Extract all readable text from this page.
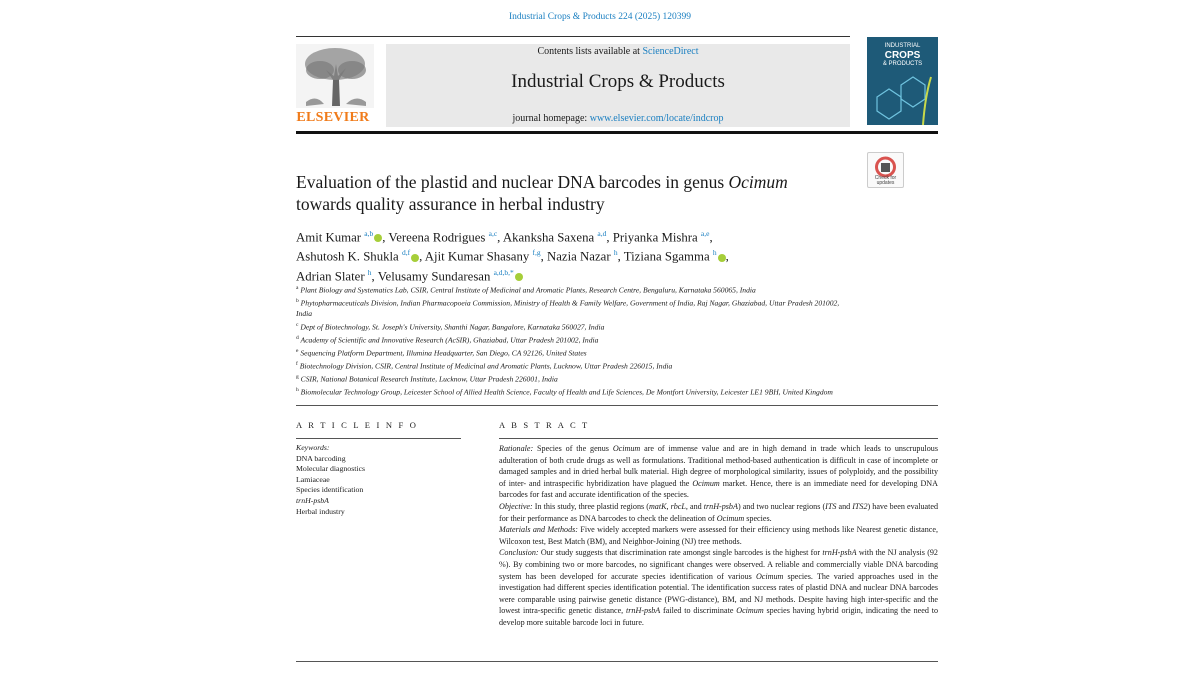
Industrial Crops & Products 224 (2025) 120399
ELSEVIER
Contents lists available at ScienceDirect
Industrial Crops & Products
journal homepage: www.elsevier.com/locate/indcrop
INDUSTRIAL
CROPS
& PRODUCTS
Check for updates
Evaluation of the plastid and nuclear DNA barcodes in genus Ocimum
towards quality assurance in herbal industry
Amit Kumar $^{a,b}$ , Vereena Rodrigues $^{a,c}$, Akanksha Saxena $^{a,d}$, Priyanka Mishra $^{a,e}$,
Ashutosh K. Shukla $^{d,f}$ , Ajit Kumar Shasany $^{f,g}$, Nazia Nazar $^h$, Tiziana Sgamma $^h$ ,
Adrian Slater $^h$, Velusamy Sundaresan $^{a,d,b,*}$
$^a$ Plant Biology and Systematics Lab, CSIR, Central Institute of Medicinal and Aromatic Plants, Research Centre, Bengaluru, Karnataka 560065, India
$^b$ Phytopharmaceuticals Division, Indian Pharmacopoeia Commission, Ministry of Health & Family Welfare, Government of India, Raj Nagar, Ghaziabad, Uttar Pradesh 201002, India
$^c$ Dept of Biotechnology, St. Joseph's University, Shanthi Nagar, Bangalore, Karnataka 560027, India
$^d$ Academy of Scientific and Innovative Research (AcSIR), Ghaziabad, Uttar Pradesh 201002, India
$^e$ Sequencing Platform Department, Illumina Headquarter, San Diego, CA 92126, United States
$^f$ Biotechnology Division, CSIR, Central Institute of Medicinal and Aromatic Plants, Lucknow, Uttar Pradesh 226015, India
$^g$ CSIR, National Botanical Research Institute, Lucknow, Uttar Pradesh 226001, India
$^h$ Biomolecular Technology Group, Leicester School of Allied Health Science, Faculty of Health and Life Sciences, De Montfort University, Leicester LE1 9BH, United Kingdom
A R T I C L E I N F O	A B S T R A C T
Keywords:
DNA barcoding
Molecular diagnostics
Lamiaceae
Species identification
trnH-psbA
Herbal industry

Rationale: Species of the genus Ocimum are of immense value and are in high demand in trade which leads to unscrupulous adulteration of both crude drugs as well as formulations. Traditional method-based authentication is difficult in case of incomplete or damaged samples and in dried herbal bulk material. High degree of morphological similarity, issues of polyploidy, and the possibility of inter- and intraspecific hybridization have plagued the Ocimum market. Hence, there is an immediate need for developing DNA barcodes for fast and accurate identification of the species.

Objective: In this study, three plastid regions (matK, rbcL, and trnH-psbA) and two nuclear regions (ITS and ITS2) have been evaluated for their performance as DNA barcodes to check the delineation of Ocimum species.

Materials and Methods: Five widely accepted markers were assessed for their efficiency using methods like Nearest genetic distance, Wilcoxon test, Best Match (BM), and Neighbor-Joining (NJ) tree methods.

Conclusion: Our study suggests that discrimination rate amongst single barcodes is the highest for trnH-psbA with the NJ analysis (92 %). By combining two or more barcodes, no significant changes were observed. A reliable and commercially viable DNA barcoding system has been developed for accurate species identification of various Ocimum species. The varied approaches used in the investigation had different species identification potential. The identification success rates of plastid DNA and nuclear DNA barcodes were comparable using pairwise genetic distance (PWG-distance), BM, and NJ methods. Despite having high inter-specific and the lowest intra-specific genetic distance, trnH-psbA failed to discriminate Ocimum species having hybrid origin, indicating the need to develop more suitable barcode loci in future.
